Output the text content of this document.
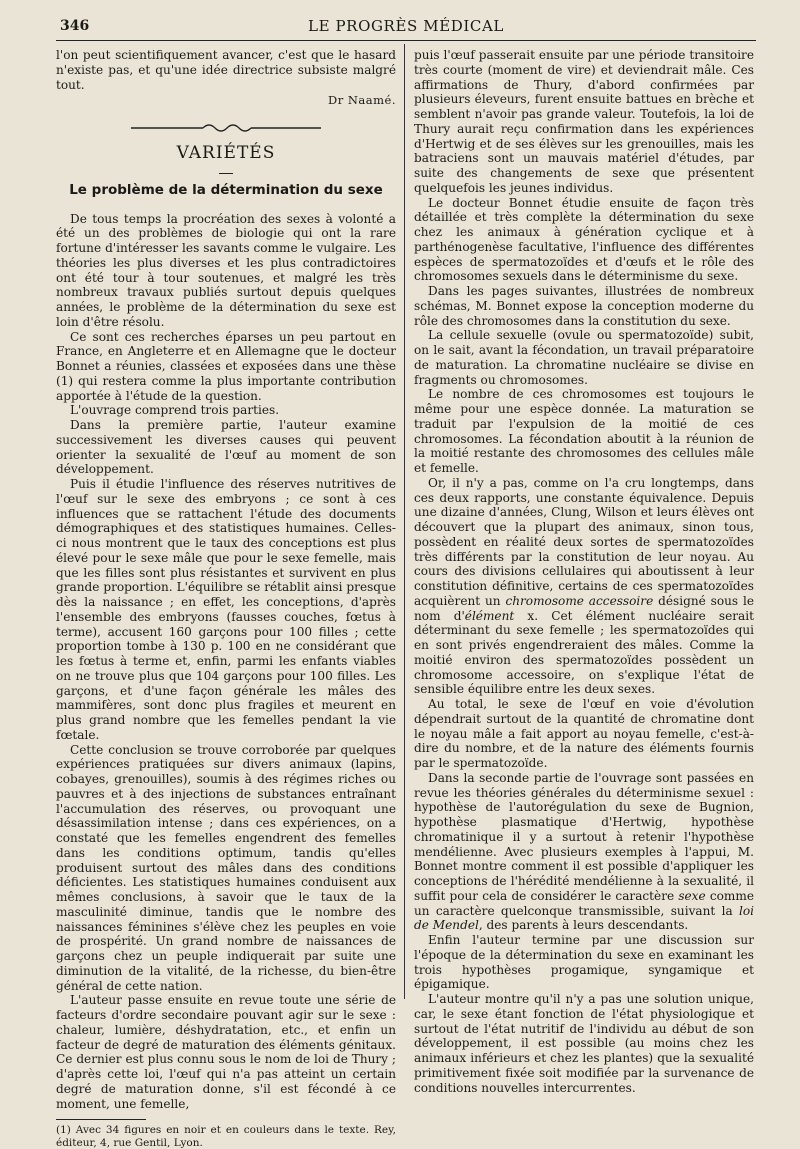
346	LE PROGRÈS MÉDICAL

l'on peut scientifiquement avancer, c'est que le hasard n'existe pas, et qu'une idée directrice subsiste malgré tout.

Dr Naamé.
VARIÉTÉS
Le problème de la détermination du sexe

De tous temps la procréation des sexes à volonté a été un des problèmes de biologie qui ont la rare fortune d'intéresser les savants comme le vulgaire. Les théories les plus diverses et les plus contradictoires ont été tour à tour soutenues, et malgré les très nombreux travaux publiés surtout depuis quelques années, le problème de la détermination du sexe est loin d'être résolu.

Ce sont ces recherches éparses un peu partout en France, en Angleterre et en Allemagne que le docteur Bonnet a réunies, classées et exposées dans une thèse (1) qui restera comme la plus importante contribution apportée à l'étude de la question.

L'ouvrage comprend trois parties.

Dans la première partie, l'auteur examine successivement les diverses causes qui peuvent orienter la sexualité de l'œuf au moment de son développement.

Puis il étudie l'influence des réserves nutritives de l'œuf sur le sexe des embryons ; ce sont à ces influences que se rattachent l'étude des documents démographiques et des statistiques humaines. Celles-ci nous montrent que le taux des conceptions est plus élevé pour le sexe mâle que pour le sexe femelle, mais que les filles sont plus résistantes et survivent en plus grande proportion. L'équilibre se rétablit ainsi presque dès la naissance ; en effet, les conceptions, d'après l'ensemble des embryons (fausses couches, fœtus à terme), accusent 160 garçons pour 100 filles ; cette proportion tombe à 130 p. 100 en ne considérant que les fœtus à terme et, enfin, parmi les enfants viables on ne trouve plus que 104 garçons pour 100 filles. Les garçons, et d'une façon générale les mâles des mammifères, sont donc plus fragiles et meurent en plus grand nombre que les femelles pendant la vie fœtale.

Cette conclusion se trouve corroborée par quelques expériences pratiquées sur divers animaux (lapins, cobayes, grenouilles), soumis à des régimes riches ou pauvres et à des injections de substances entraînant l'accumulation des réserves, ou provoquant une désassimilation intense ; dans ces expériences, on a constaté que les femelles engendrent des femelles dans les conditions optimum, tandis qu'elles produisent surtout des mâles dans des conditions déficientes. Les statistiques humaines conduisent aux mêmes conclusions, à savoir que le taux de la masculinité diminue, tandis que le nombre des naissances féminines s'élève chez les peuples en voie de prospérité. Un grand nombre de naissances de garçons chez un peuple indiquerait par suite une diminution de la vitalité, de la richesse, du bien-être général de cette nation.

L'auteur passe ensuite en revue toute une série de facteurs d'ordre secondaire pouvant agir sur le sexe : chaleur, lumière, déshydratation, etc., et enfin un facteur de degré de maturation des éléments génitaux. Ce dernier est plus connu sous le nom de loi de Thury ; d'après cette loi, l'œuf qui n'a pas atteint un certain degré de maturation donne, s'il est fécondé à ce moment, une femelle,

(1) Avec 34 figures en noir et en couleurs dans le texte. Rey, éditeur, 4, rue Gentil, Lyon.

puis l'œuf passerait ensuite par une période transitoire très courte (moment de vire) et deviendrait mâle. Ces affirmations de Thury, d'abord confirmées par plusieurs éleveurs, furent ensuite battues en brèche et semblent n'avoir pas grande valeur. Toutefois, la loi de Thury aurait reçu confirmation dans les expériences d'Hertwig et de ses élèves sur les grenouilles, mais les batraciens sont un mauvais matériel d'études, par suite des changements de sexe que présentent quelquefois les jeunes individus.

Le docteur Bonnet étudie ensuite de façon très détaillée et très complète la détermination du sexe chez les animaux à génération cyclique et à parthénogenèse facultative, l'influence des différentes espèces de spermatozoïdes et d'œufs et le rôle des chromosomes sexuels dans le déterminisme du sexe.

Dans les pages suivantes, illustrées de nombreux schémas, M. Bonnet expose la conception moderne du rôle des chromosomes dans la constitution du sexe.

La cellule sexuelle (ovule ou spermatozoïde) subit, on le sait, avant la fécondation, un travail préparatoire de maturation. La chromatine nucléaire se divise en fragments ou chromosomes.

Le nombre de ces chromosomes est toujours le même pour une espèce donnée. La maturation se traduit par l'expulsion de la moitié de ces chromosomes. La fécondation aboutit à la réunion de la moitié restante des chromosomes des cellules mâle et femelle.

Or, il n'y a pas, comme on l'a cru longtemps, dans ces deux rapports, une constante équivalence. Depuis une dizaine d'années, Clung, Wilson et leurs élèves ont découvert que la plupart des animaux, sinon tous, possèdent en réalité deux sortes de spermatozoïdes très différents par la constitution de leur noyau. Au cours des divisions cellulaires qui aboutissent à leur constitution définitive, certains de ces spermatozoïdes acquièrent un chromosome accessoire désigné sous le nom d'élément x. Cet élément nucléaire serait déterminant du sexe femelle ; les spermatozoïdes qui en sont privés engendreraient des mâles. Comme la moitié environ des spermatozoïdes possèdent un chromosome accessoire, on s'explique l'état de sensible équilibre entre les deux sexes.

Au total, le sexe de l'œuf en voie d'évolution dépendrait surtout de la quantité de chromatine dont le noyau mâle a fait apport au noyau femelle, c'est-à-dire du nombre, et de la nature des éléments fournis par le spermatozoïde.

Dans la seconde partie de l'ouvrage sont passées en revue les théories générales du déterminisme sexuel : hypothèse de l'autorégulation du sexe de Bugnion, hypothèse plasmatique d'Hertwig, hypothèse chromatinique il y a surtout à retenir l'hypothèse mendélienne. Avec plusieurs exemples à l'appui, M. Bonnet montre comment il est possible d'appliquer les conceptions de l'hérédité mendélienne à la sexualité, il suffit pour cela de considérer le caractère sexe comme un caractère quelconque transmissible, suivant la loi de Mendel, des parents à leurs descendants.

Enfin l'auteur termine par une discussion sur l'époque de la détermination du sexe en examinant les trois hypothèses progamique, syngamique et épigamique.

L'auteur montre qu'il n'y a pas une solution unique, car, le sexe étant fonction de l'état physiologique et surtout de l'état nutritif de l'individu au début de son développement, il est possible (au moins chez les animaux inférieurs et chez les plantes) que la sexualité primitivement fixée soit modifiée par la survenance de conditions nouvelles intercurrentes.
